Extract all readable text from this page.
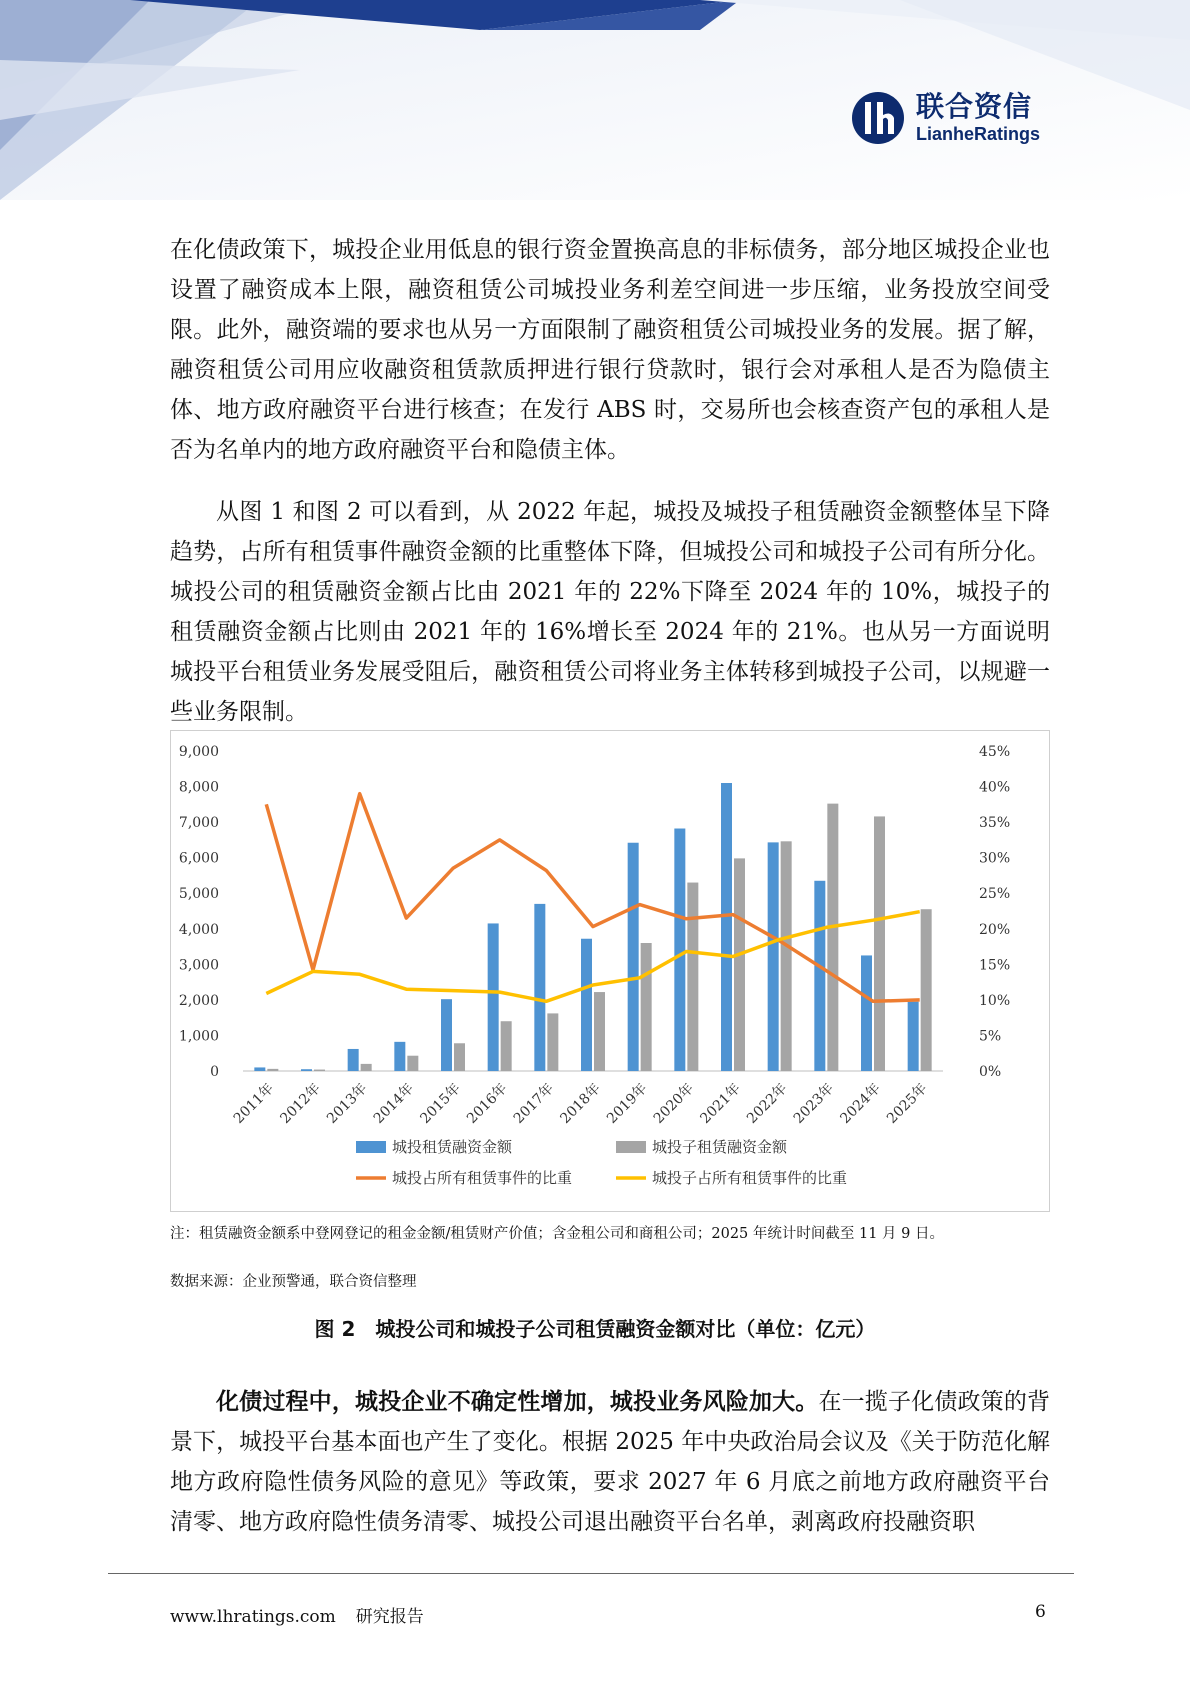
联合资信
LianheRatings

在化债政策下，城投企业用低息的银行资金置换高息的非标债务，部分地区城投企业也设置了融资成本上限，融资租赁公司城投业务利差空间进一步压缩，业务投放空间受限。此外，融资端的要求也从另一方面限制了融资租赁公司城投业务的发展。据了解，融资租赁公司用应收融资租赁款质押进行银行贷款时，银行会对承租人是否为隐债主体、地方政府融资平台进行核查；在发行 ABS 时，交易所也会核查资产包的承租人是否为名单内的地方政府融资平台和隐债主体。

从图 1 和图 2 可以看到，从 2022 年起，城投及城投子租赁融资金额整体呈下降趋势，占所有租赁事件融资金额的比重整体下降，但城投公司和城投子公司有所分化。城投公司的租赁融资金额占比由 2021 年的 22%下降至 2024 年的 10%，城投子的租赁融资金额占比则由 2021 年的 16%增长至 2024 年的 21%。也从另一方面说明城投平台租赁业务发展受阻后，融资租赁公司将业务主体转移到城投子公司，以规避一些业务限制。

0
1,000
2,000
3,000
4,000
5,000
6,000
7,000
8,000
9,000
0%
5%
10%
15%
20%
25%
30%
35%
40%
45%
2011年 2012年 2013年 2014年 2015年 2016年 2017年 2018年 2019年 2020年 2021年 2022年 2023年 2024年 2025年
城投租赁融资金额	城投子租赁融资金额
城投占所有租赁事件的比重	城投子占所有租赁事件的比重

注：租赁融资金额系中登网登记的租金金额/租赁财产价值；含金租公司和商租公司；2025 年统计时间截至 11 月 9 日。

数据来源：企业预警通，联合资信整理

图 2　城投公司和城投子公司租赁融资金额对比（单位：亿元）

化债过程中，城投企业不确定性增加，城投业务风险加大。在一揽子化债政策的背景下，城投平台基本面也产生了变化。根据 2025 年中央政治局会议及《关于防范化解地方政府隐性债务风险的意见》等政策，要求 2027 年 6 月底之前地方政府融资平台清零、地方政府隐性债务清零、城投公司退出融资平台名单，剥离政府投融资职

www.lhratings.com 研究报告	6
